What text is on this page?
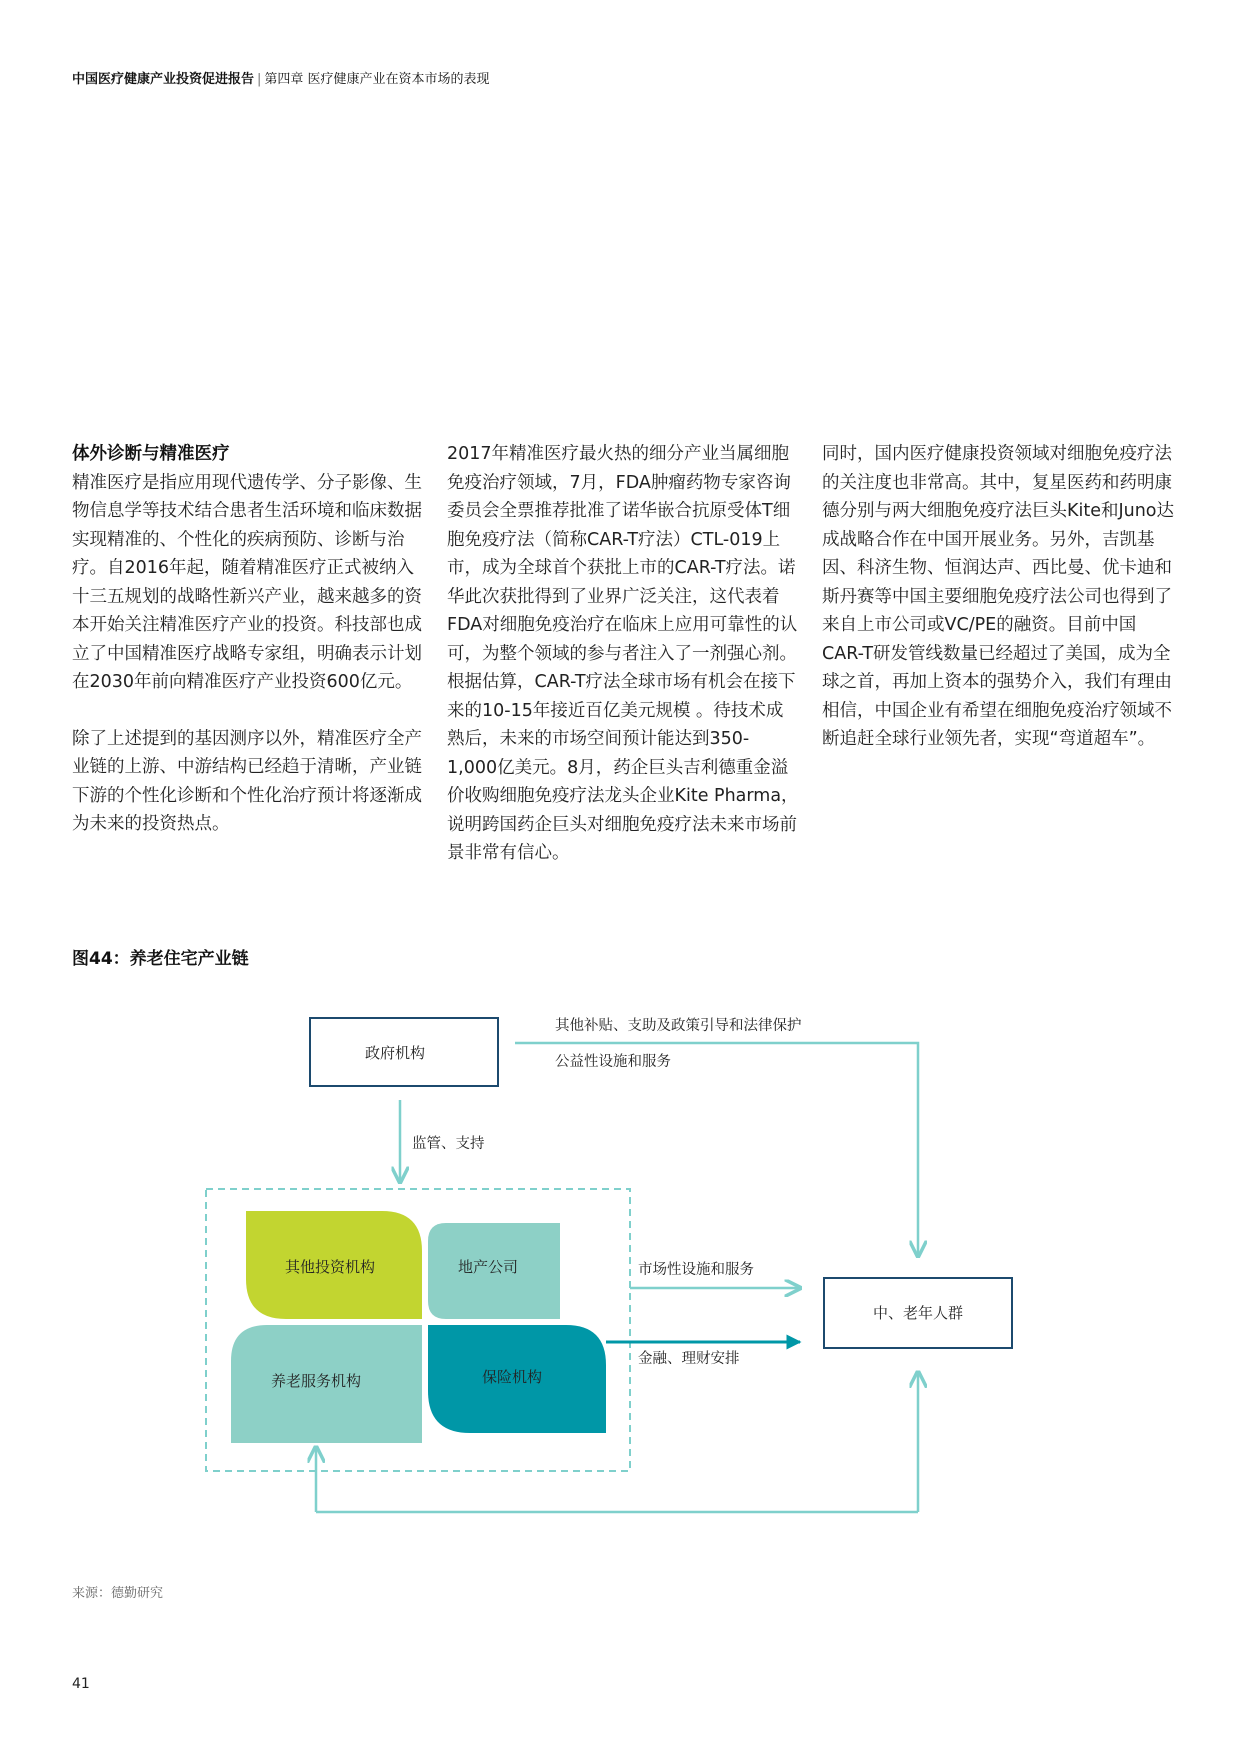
中国医疗健康产业投资促进报告 | 第四章 医疗健康产业在资本市场的表现

体外诊断与精准医疗

精准医疗是指应用现代遗传学、分子影像、生物信息学等技术结合患者生活环境和临床数据实现精准的、个性化的疾病预防、诊断与治疗。自2016年起，随着精准医疗正式被纳入十三五规划的战略性新兴产业，越来越多的资本开始关注精准医疗产业的投资。科技部也成立了中国精准医疗战略专家组，明确表示计划在2030年前向精准医疗产业投资600亿元。

除了上述提到的基因测序以外，精准医疗全产业链的上游、中游结构已经趋于清晰，产业链下游的个性化诊断和个性化治疗预计将逐渐成为未来的投资热点。

2017年精准医疗最火热的细分产业当属细胞免疫治疗领域，7月，FDA肿瘤药物专家咨询委员会全票推荐批准了诺华嵌合抗原受体T细胞免疫疗法（简称CAR-T疗法）CTL-019上市，成为全球首个获批上市的CAR-T疗法。诺华此次获批得到了业界广泛关注，这代表着FDA对细胞免疫治疗在临床上应用可靠性的认可，为整个领域的参与者注入了一剂强心剂。根据估算，CAR-T疗法全球市场有机会在接下来的10-15年接近百亿美元规模 。待技术成熟后，未来的市场空间预计能达到350-1,000亿美元。8月，药企巨头吉利德重金溢价收购细胞免疫疗法龙头企业Kite Pharma，说明跨国药企巨头对细胞免疫疗法未来市场前景非常有信心。

同时，国内医疗健康投资领域对细胞免疫疗法的关注度也非常高。其中，复星医药和药明康德分别与两大细胞免疫疗法巨头Kite和Juno达成战略合作在中国开展业务。另外，吉凯基因、科济生物、恒润达声、西比曼、优卡迪和斯丹赛等中国主要细胞免疫疗法公司也得到了来自上市公司或VC/PE的融资。目前中国CAR-T研发管线数量已经超过了美国，成为全球之首，再加上资本的强势介入，我们有理由相信，中国企业有希望在细胞免疫治疗领域不断追赶全球行业领先者，实现“弯道超车”。

图44：养老住宅产业链
政府机构
其他补贴、支助及政策引导和法律保护
公益性设施和服务
监管、支持
其他投资机构	地产公司
养老服务机构	保险机构
市场性设施和服务
金融、理财安排
中、老年人群
来源：德勤研究
41
